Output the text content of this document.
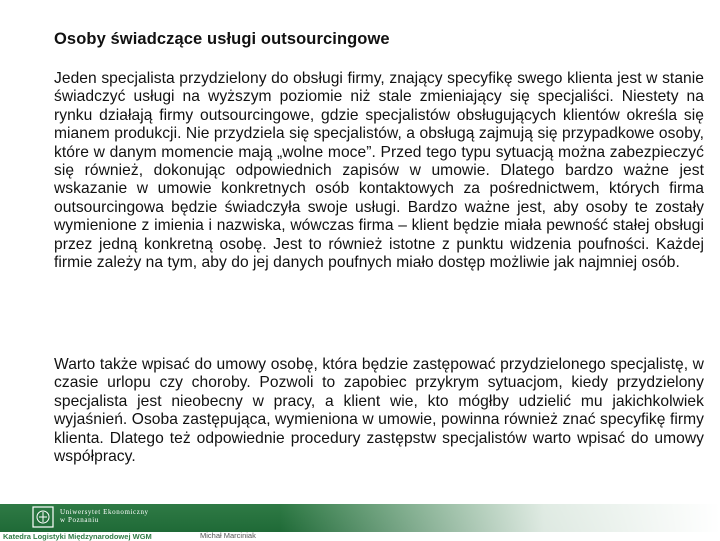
Osoby świadczące usługi outsourcingowe
Jeden specjalista przydzielony do obsługi firmy, znający specyfikę swego klienta jest w stanie świadczyć usługi na wyższym poziomie niż stale zmieniający się specjaliści. Niestety na rynku działają firmy outsourcingowe, gdzie specjalistów obsługujących klientów określa się mianem produkcji. Nie przydziela się specjalistów, a obsługą zajmują się przypadkowe osoby, które w danym momencie mają „wolne moce”. Przed tego typu sytuacją można zabezpieczyć się również, dokonując odpowiednich zapisów w umowie. Dlatego bardzo ważne jest wskazanie w umowie konkretnych osób kontaktowych za pośrednictwem, których firma outsourcingowa będzie świadczyła swoje usługi. Bardzo ważne jest, aby osoby te zostały wymienione z imienia i nazwiska, wówczas firma – klient będzie miała pewność stałej obsługi przez jedną konkretną osobę. Jest to również istotne z punktu widzenia poufności. Każdej firmie zależy na tym, aby do jej danych poufnych miało dostęp możliwie jak najmniej osób.
Warto także wpisać do umowy osobę, która będzie zastępować przydzielonego specjalistę, w czasie urlopu czy choroby. Pozwoli to zapobiec przykrym sytuacjom, kiedy przydzielony specjalista jest nieobecny w pracy, a klient wie, kto mógłby udzielić mu jakichkolwiek wyjaśnień. Osoba zastępująca, wymieniona w umowie, powinna również znać specyfikę firmy klienta. Dlatego też odpowiednie procedury zastępstw specjalistów warto wpisać do umowy współpracy.
Uniwersytet Ekonomiczny
w Poznaniu
Katedra Logistyki Międzynarodowej WGM	Michał Marciniak
